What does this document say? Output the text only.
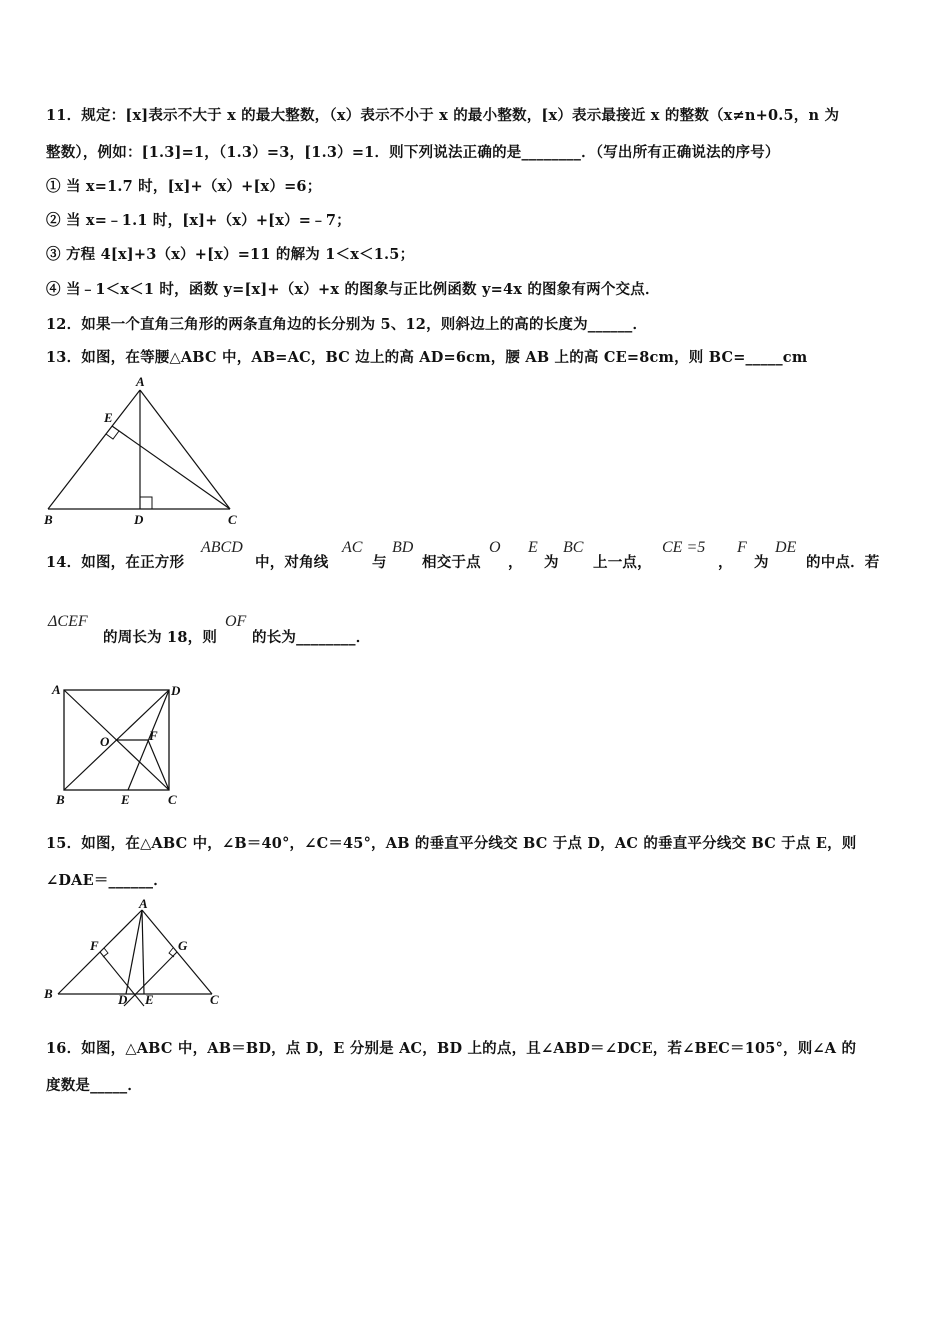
11．规定：[x]表示不大于 x 的最大整数，（x）表示不小于 x 的最小整数，[x）表示最接近 x 的整数（x≠n+0.5，n 为
整数），例如：[1.3]=1，（1.3）=3，[1.3）=1．则下列说法正确的是________．（写出所有正确说法的序号）
① 当 x=1.7 时，[x]+（x）+[x）=6；
② 当 x=﹣1.1 时，[x]+（x）+[x）=﹣7；
③ 方程 4[x]+3（x）+[x）=11 的解为 1＜x＜1.5；
④ 当﹣1＜x＜1 时，函数 y=[x]+（x）+x 的图象与正比例函数 y=4x 的图象有两个交点．
12．如果一个直角三角形的两条直角边的长分别为 5、12，则斜边上的高的长度为______．
13．如图，在等腰△ABC 中，AB=AC，BC 边上的高 AD=6cm，腰 AB 上的高 CE=8cm，则 BC=_____cm
A
E
B	D	C
14．如图，在正方形
ABCD
中，对角线
AC
与
BD
相交于点
O
，
E
为
BC
上一点，
CE =5
，
F
为
DE
的中点．若
ΔCEF
的周长为 18，则
OF
的长为________．
A	D
O	F
B	E	C
15．如图，在△ABC 中，∠B＝40°，∠C＝45°，AB 的垂直平分线交 BC 于点 D，AC 的垂直平分线交 BC 于点 E，则
∠DAE＝______．
A
F	G
B	D E	C
16．如图，△ABC 中，AB＝BD，点 D，E 分别是 AC，BD 上的点，且∠ABD＝∠DCE，若∠BEC＝105°，则∠A 的
度数是_____．
